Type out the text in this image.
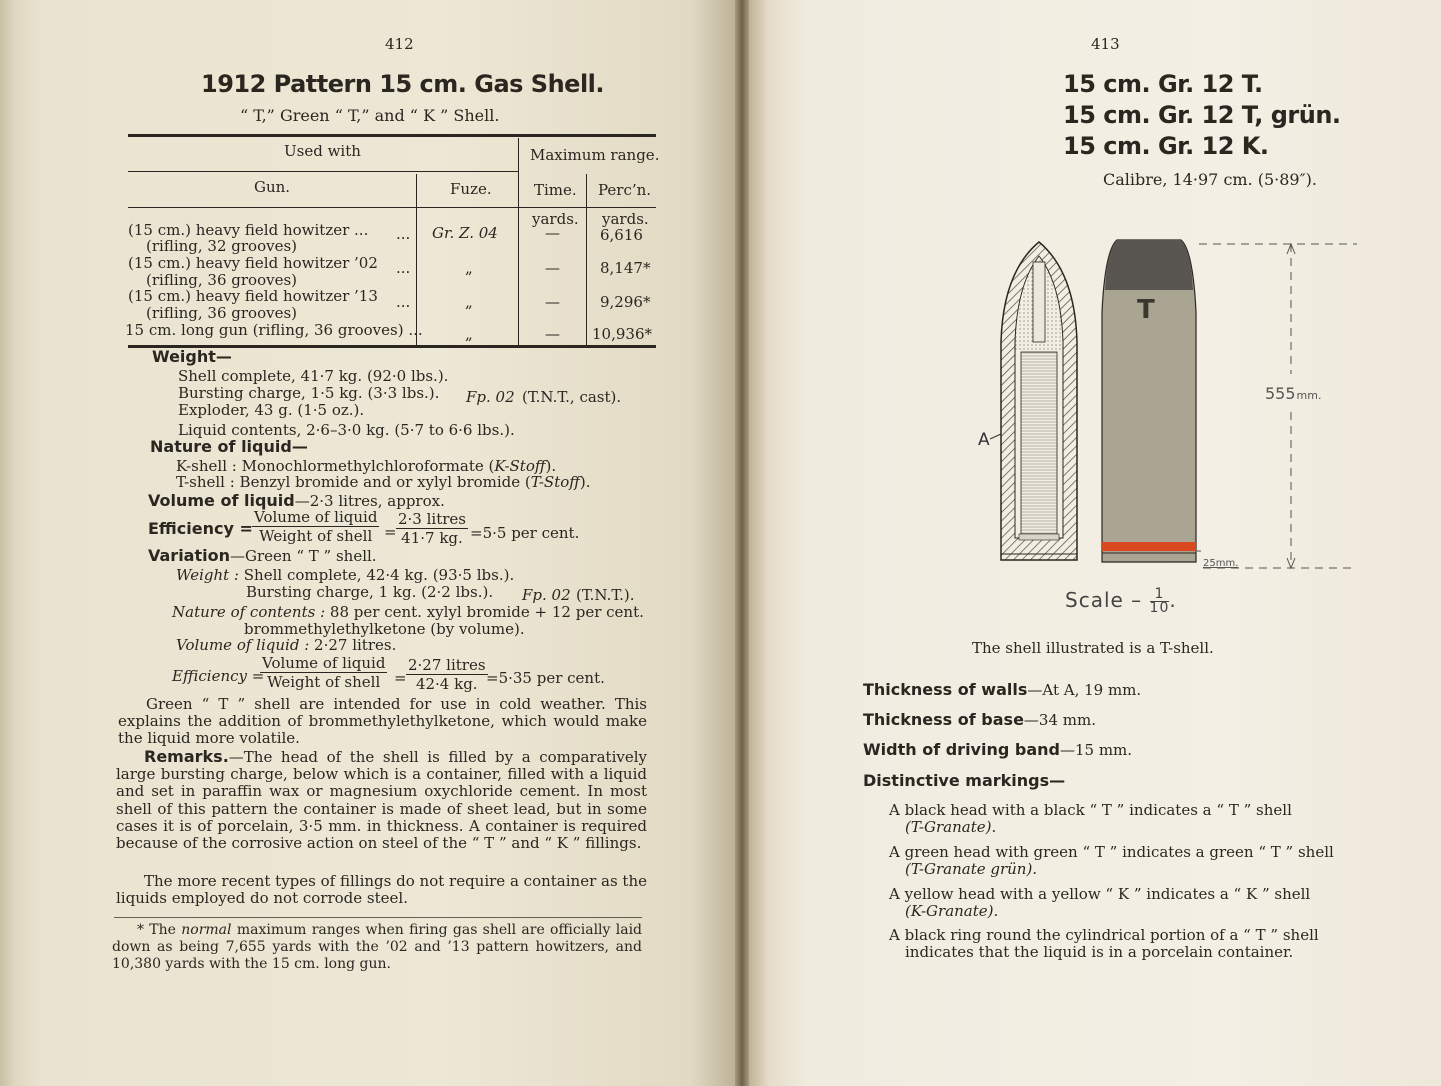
412
1912 Pattern 15 cm. Gas Shell.
“ T,” Green “ T,” and “ K ” Shell.
Used with	Maximum range.
Gun.	Fuze.	Time. Perc’n.
yards. yards.
(15 cm.) heavy field howitzer ...
(rifling, 32 grooves)
... Gr. Z. 04	—	6,616
(15 cm.) heavy field howitzer ’02
(rifling, 36 grooves)
...	„	—	8,147*
(15 cm.) heavy field howitzer ’13
(rifling, 36 grooves)
...	„	—	9,296*
15 cm. long gun (rifling, 36 grooves) ...	„	— 10,936*
Weight—
Shell complete, 41·7 kg. (92·0 lbs.).
Bursting charge, 1·5 kg. (3·3 lbs.). Fp. 02 (T.N.T., cast).
Exploder, 43 g. (1·5 oz.).
Liquid contents, 2·6–3·0 kg. (5·7 to 6·6 lbs.).
Nature of liquid—
K-shell : Monochlormethylchloroformate (K-Stoff).
T-shell : Benzyl bromide and or xylyl bromide (T-Stoff).
Volume of liquid—2·3 litres, approx.
Efficiency =
Volume of liquid
Weight of shell =
2·3 litres
41·7 kg. =5·5 per cent.
Variation—Green “ T ” shell.
Weight : Shell complete, 42·4 kg. (93·5 lbs.).
Bursting charge, 1 kg. (2·2 lbs.). Fp. 02 (T.N.T.).
Nature of contents : 88 per cent. xylyl bromide + 12 per cent.
brommethylethylketone (by volume).
Volume of liquid : 2·27 litres.
Efficiency =
Volume of liquid
Weight of shell =
2·27 litres
42·4 kg. =5·35 per cent.
Green “ T ” shell are intended for use in cold weather. This explains the addition of brommethylethylketone, which would make the liquid more volatile.
Remarks.—The head of the shell is filled by a comparatively large bursting charge, below which is a container, filled with a liquid and set in paraffin wax or magnesium oxychloride cement. In most shell of this pattern the container is made of sheet lead, but in some cases it is of porcelain, 3·5 mm. in thickness. A container is required because of the corrosive action on steel of the “ T ” and “ K ” fillings.
The more recent types of fillings do not require a container as the liquids employed do not corrode steel.
* The normal maximum ranges when firing gas shell are officially laid down as being 7,655 yards with the ’02 and ’13 pattern howitzers, and 10,380 yards with the 15 cm. long gun.
413
15 cm. Gr. 12 T.
15 cm. Gr. 12 T, grün.
15 cm. Gr. 12 K.
Calibre, 14·97 cm. (5·89″).
A
T
555mm.
25mm.
Scale – $\frac{1}{10}$ .
The shell illustrated is a T-shell.
Thickness of walls—At A, 19 mm.
Thickness of base—34 mm.
Width of driving band—15 mm.
Distinctive markings—
A black head with a black “ T ” indicates a “ T ” shell
(T-Granate).
A green head with green “ T ” indicates a green “ T ” shell
(T-Granate grün).
A yellow head with a yellow “ K ” indicates a “ K ” shell
(K-Granate).
A black ring round the cylindrical portion of a “ T ” shell
indicates that the liquid is in a porcelain container.
